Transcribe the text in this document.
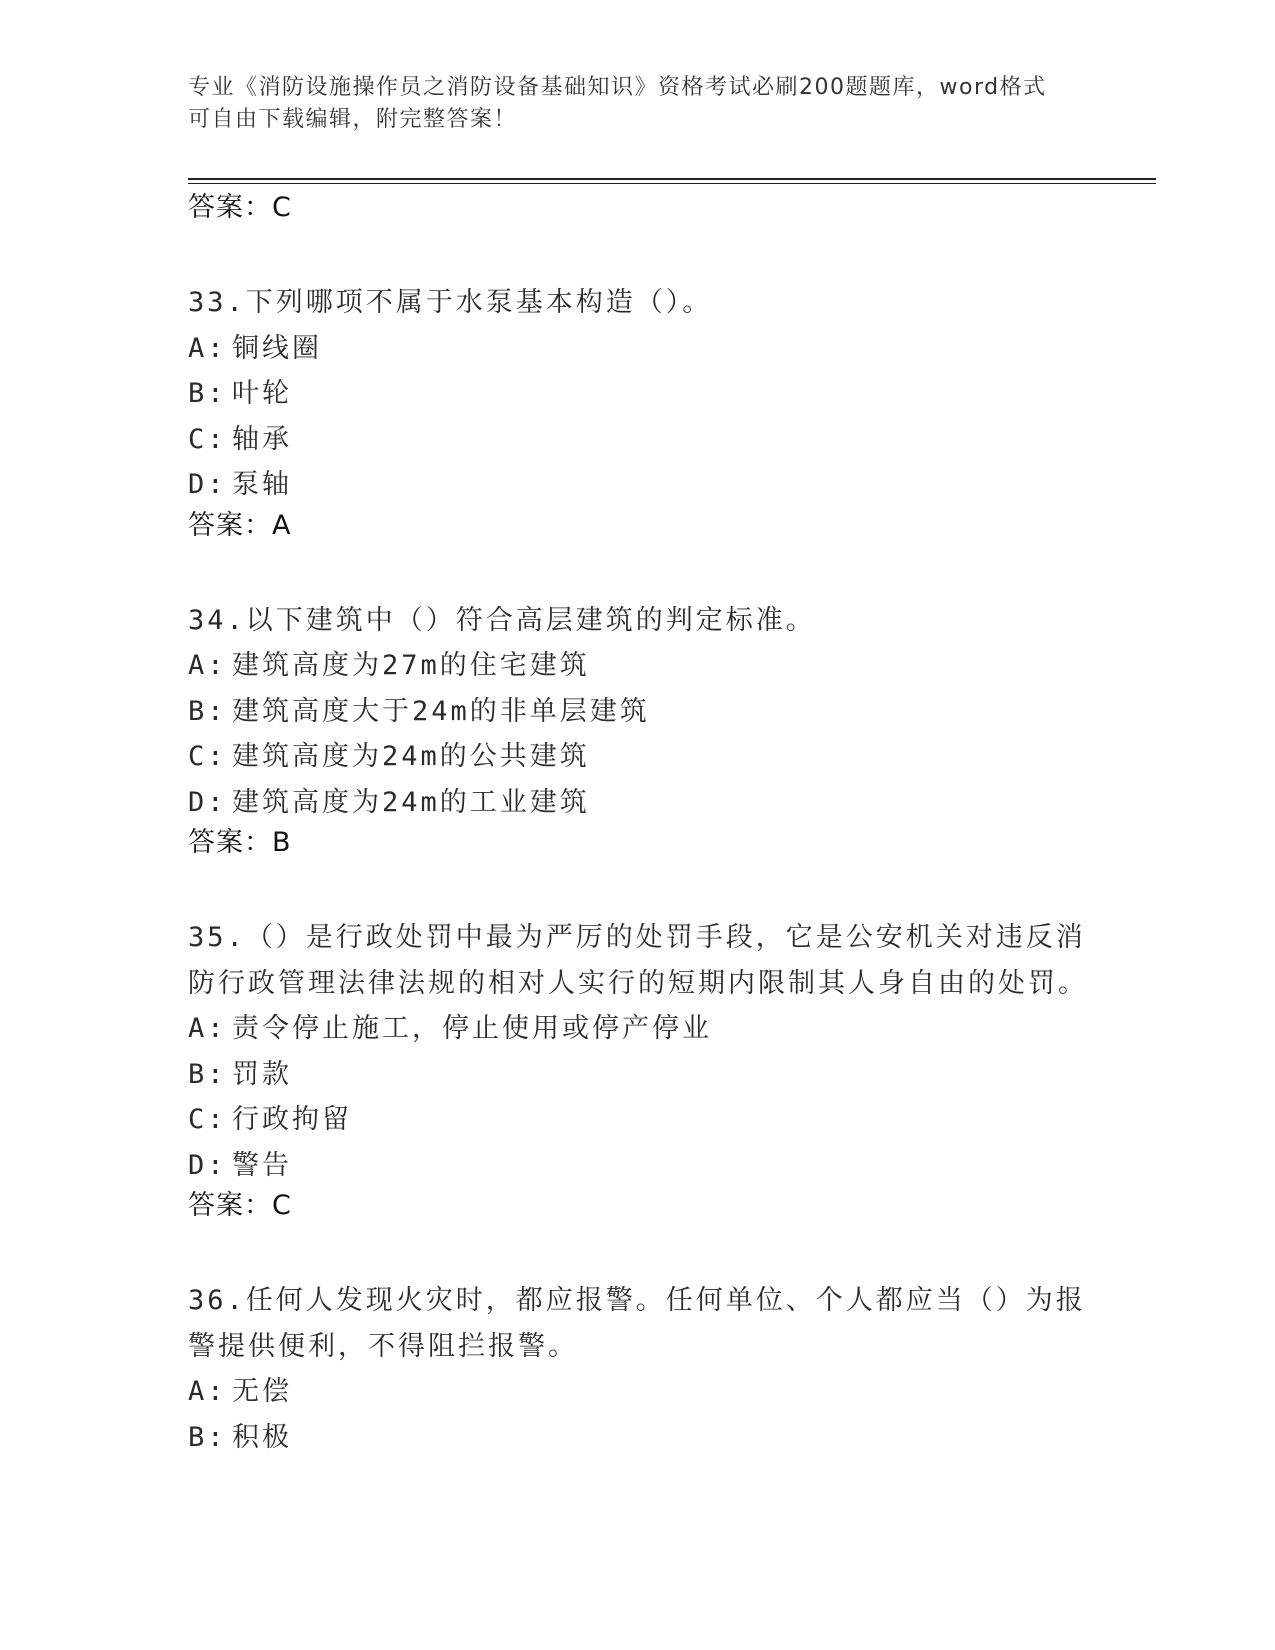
专业《消防设施操作员之消防设备基础知识》资格考试必刷200题题库，word格式可自由下载编辑，附完整答案！
答案：C
33.下列哪项不属于水泵基本构造（）。
A: 铜线圈
B: 叶轮
C: 轴承
D: 泵轴
答案：A
34.以下建筑中（）符合高层建筑的判定标准。
A: 建筑高度为27m的住宅建筑
B: 建筑高度大于24m的非单层建筑
C: 建筑高度为24m的公共建筑
D: 建筑高度为24m的工业建筑
答案：B
35.（）是行政处罚中最为严厉的处罚手段，它是公安机关对违反消防行政管理法律法规的相对人实行的短期内限制其人身自由的处罚。
A: 责令停止施工，停止使用或停产停业
B: 罚款
C: 行政拘留
D: 警告
答案：C
36.任何人发现火灾时，都应报警。任何单位、个人都应当（）为报警提供便利，不得阻拦报警。
A: 无偿
B: 积极
